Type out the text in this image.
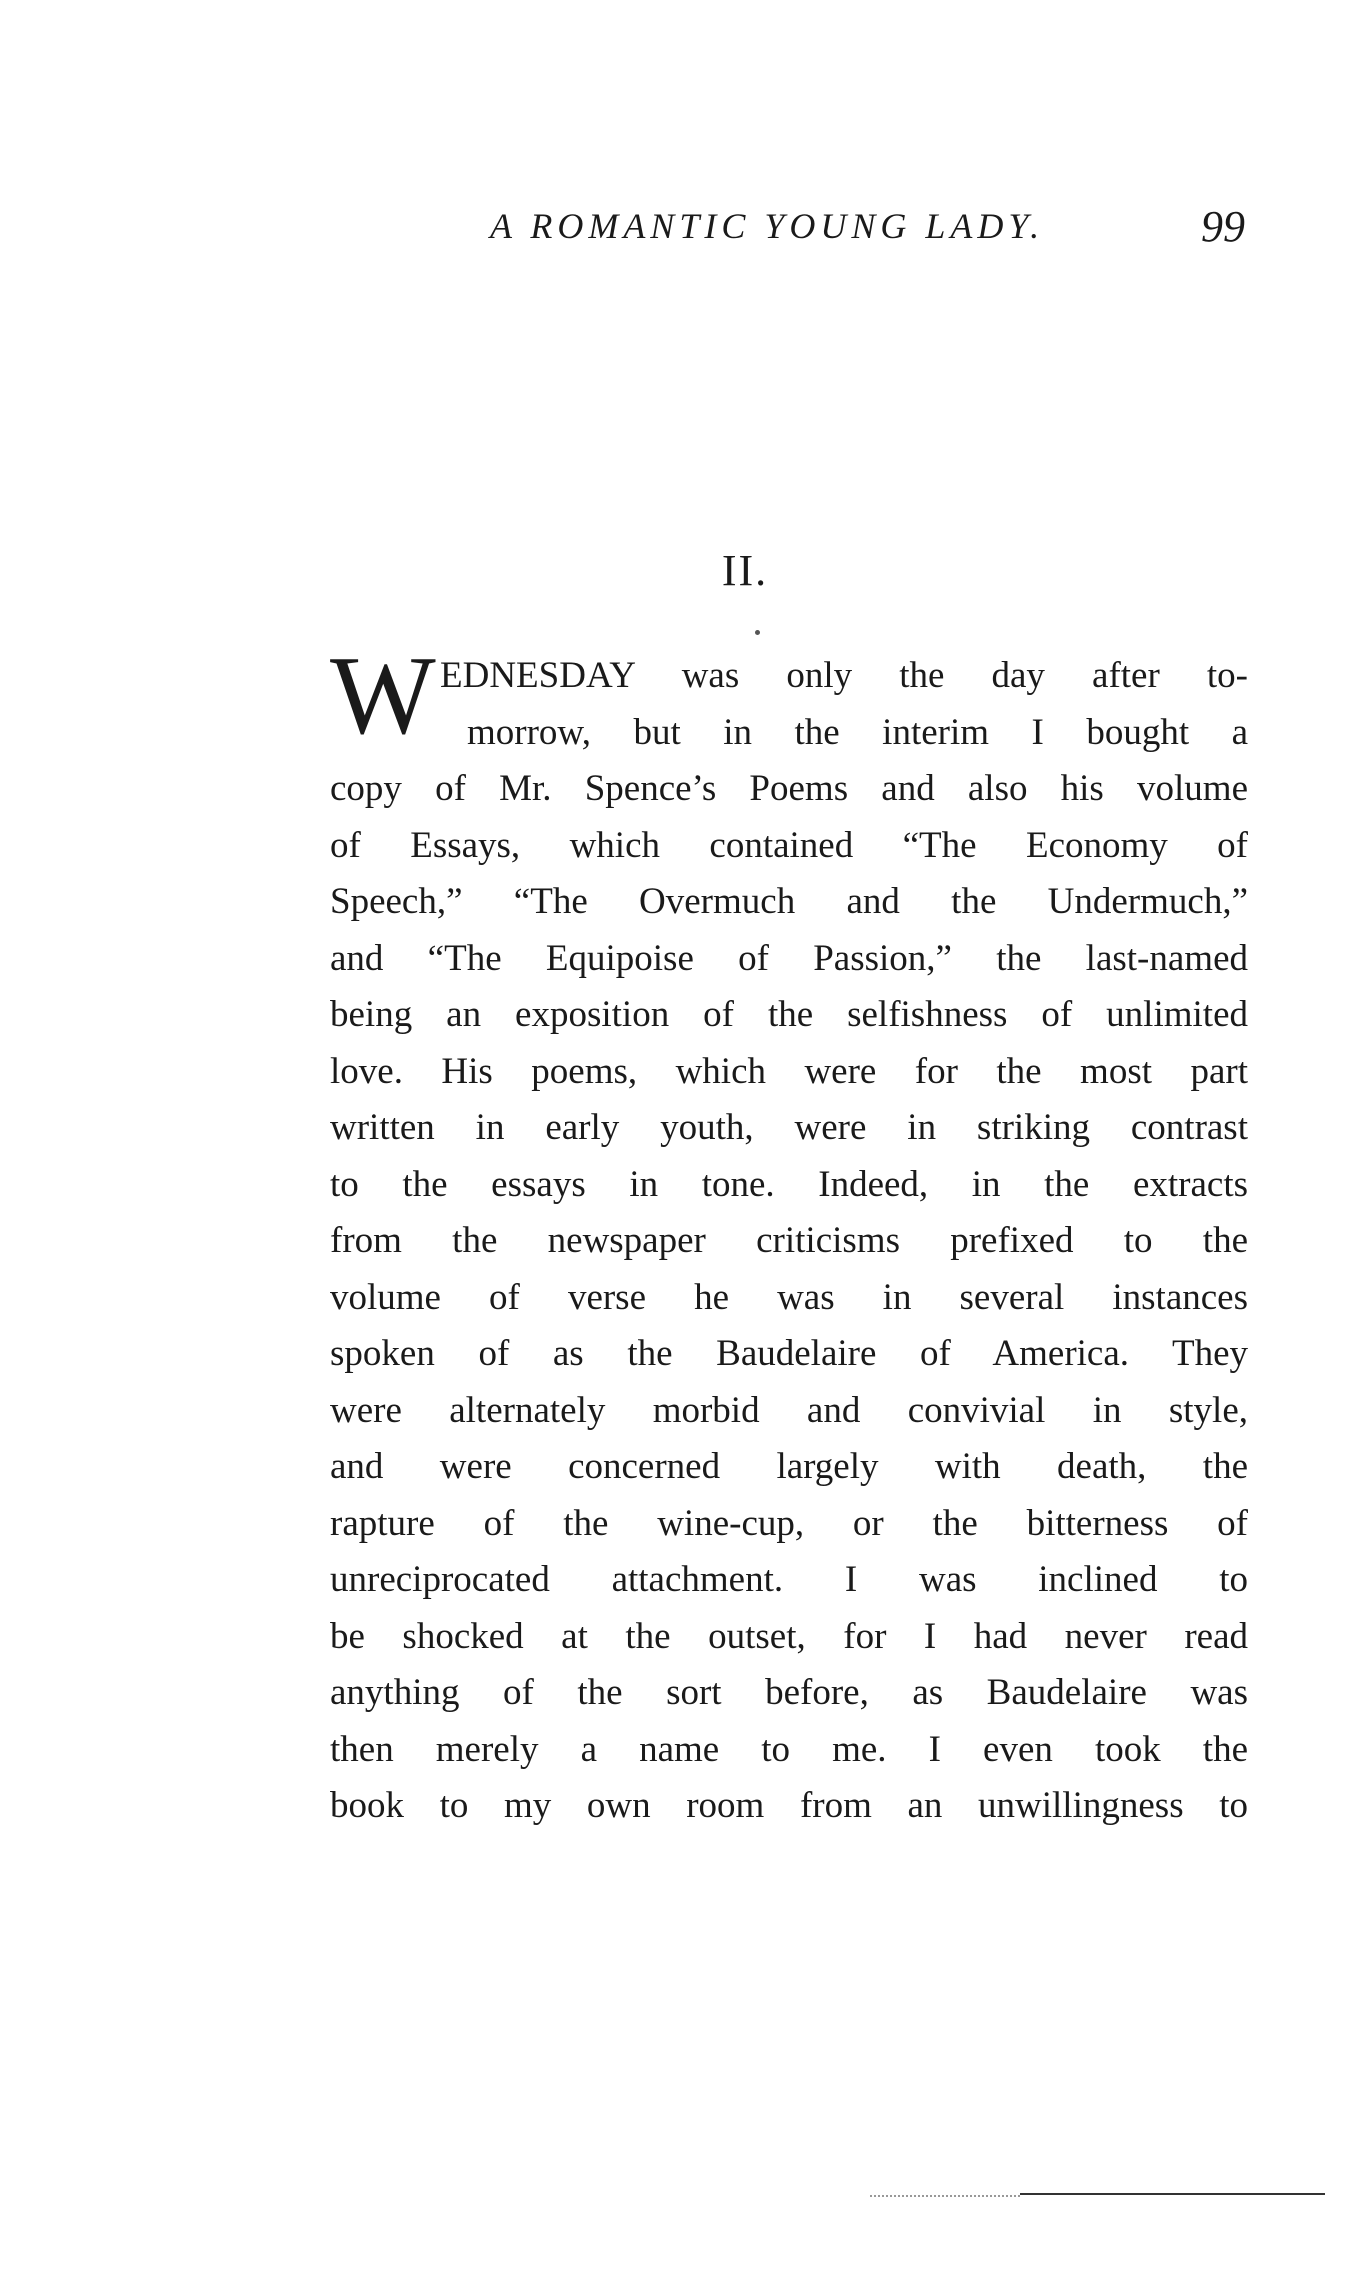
A ROMANTIC YOUNG LADY.	99
II.
W EDNESDAY was only the day after to-
morrow, but in the interim I bought a
copy of Mr. Spence’s Poems and also his volume
of Essays, which contained “The Economy of
Speech,” “The Overmuch and the Undermuch,”
and “The Equipoise of Passion,” the last-named
being an exposition of the selfishness of unlimited
love. His poems, which were for the most part
written in early youth, were in striking contrast
to the essays in tone. Indeed, in the extracts
from the newspaper criticisms prefixed to the
volume of verse he was in several instances
spoken of as the Baudelaire of America. They
were alternately morbid and convivial in style,
and were concerned largely with death, the
rapture of the wine-cup, or the bitterness of
unreciprocated attachment. I was inclined to
be shocked at the outset, for I had never read
anything of the sort before, as Baudelaire was
then merely a name to me. I even took the
book to my own room from an unwillingness to
